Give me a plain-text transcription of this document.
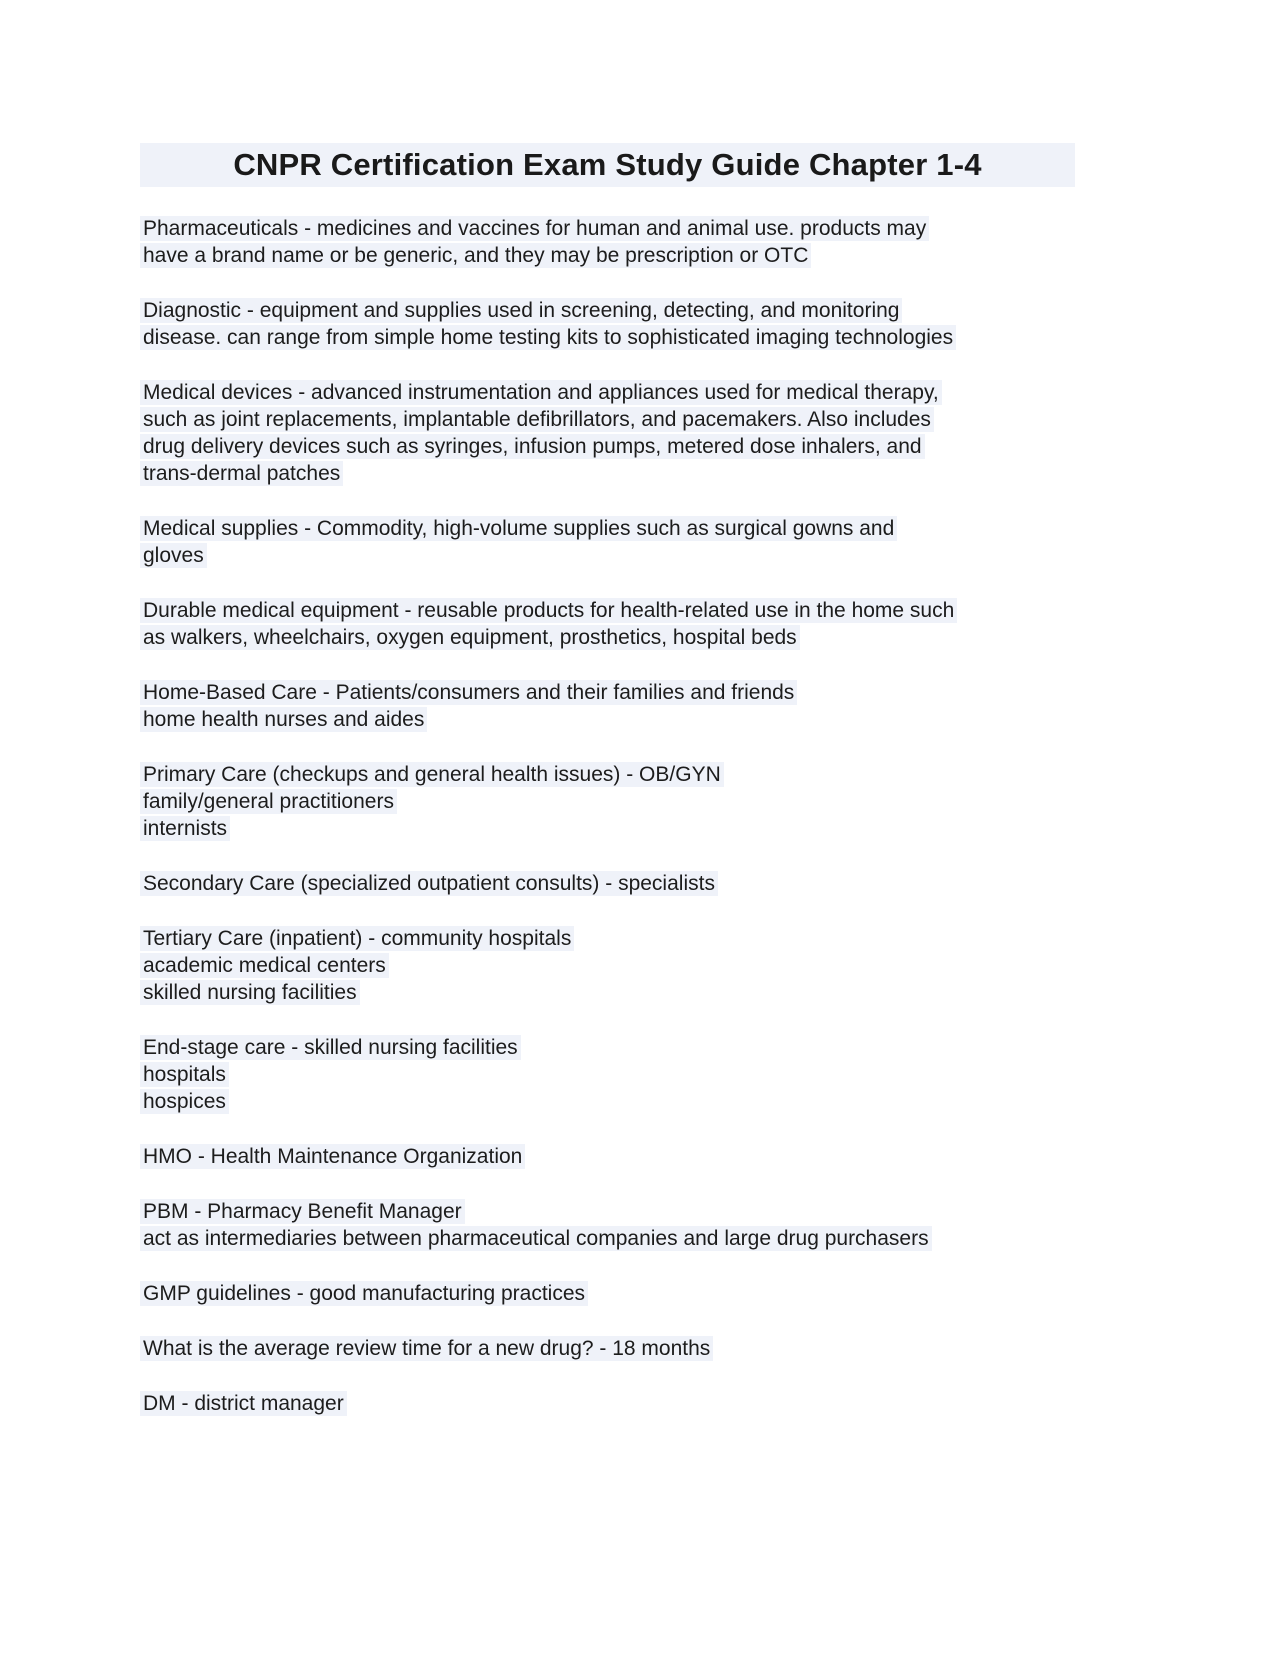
CNPR Certification Exam Study Guide Chapter 1-4

Pharmaceuticals - medicines and vaccines for human and animal use. products may
have a brand name or be generic, and they may be prescription or OTC

Diagnostic - equipment and supplies used in screening, detecting, and monitoring
disease. can range from simple home testing kits to sophisticated imaging technologies

Medical devices - advanced instrumentation and appliances used for medical therapy,
such as joint replacements, implantable defibrillators, and pacemakers. Also includes
drug delivery devices such as syringes, infusion pumps, metered dose inhalers, and
trans-dermal patches

Medical supplies - Commodity, high-volume supplies such as surgical gowns and
gloves

Durable medical equipment - reusable products for health-related use in the home such
as walkers, wheelchairs, oxygen equipment, prosthetics, hospital beds

Home-Based Care - Patients/consumers and their families and friends
home health nurses and aides

Primary Care (checkups and general health issues) - OB/GYN
family/general practitioners
internists

Secondary Care (specialized outpatient consults) - specialists

Tertiary Care (inpatient) - community hospitals
academic medical centers
skilled nursing facilities

End-stage care - skilled nursing facilities
hospitals
hospices

HMO - Health Maintenance Organization

PBM - Pharmacy Benefit Manager
act as intermediaries between pharmaceutical companies and large drug purchasers

GMP guidelines - good manufacturing practices

What is the average review time for a new drug? - 18 months

DM - district manager
